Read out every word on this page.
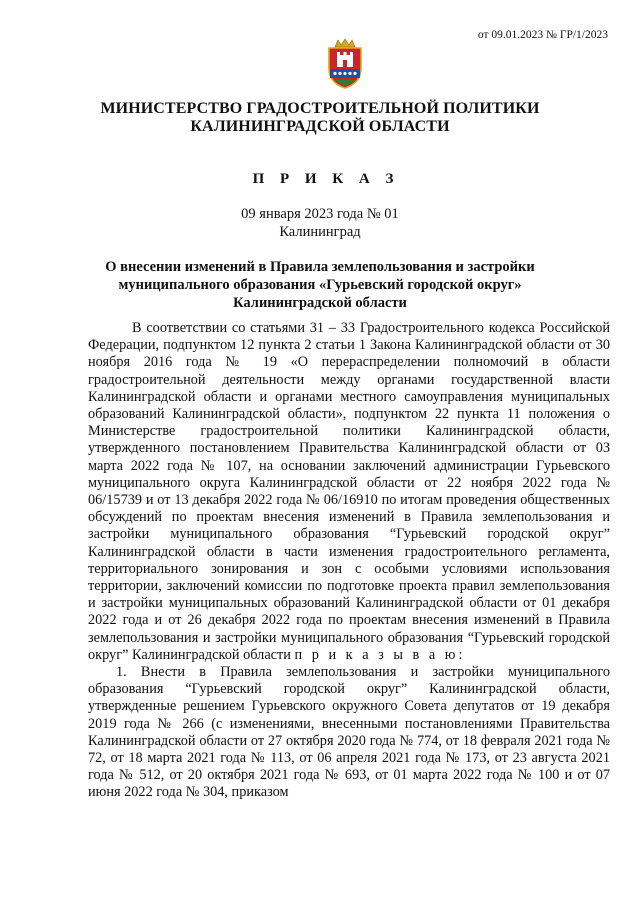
от 09.01.2023 № ГР/1/2023
МИНИСТЕРСТВО ГРАДОСТРОИТЕЛЬНОЙ ПОЛИТИКИ
КАЛИНИНГРАДСКОЙ ОБЛАСТИ
П Р И К А З
09 января 2023 года № 01
Калининград
О внесении изменений в Правила землепользования и застройки
муниципального образования «Гурьевский городской округ»
Калининградской области

В соответствии со статьями 31 – 33 Градостроительного кодекса Российской Федерации, подпунктом 12 пункта 2 статьи 1 Закона Калининградской области от 30 ноября 2016 года № 19 «О перераспределении полномочий в области градостроительной деятельности между органами государственной власти Калининградской области и органами местного самоуправления муниципальных образований Калининградской области», подпунктом 22 пункта 11 положения о Министерстве градостроительной политики Калининградской области, утвержденного постановлением Правительства Калининградской области от 03 марта 2022 года № 107, на основании заключений администрации Гурьевского муниципального округа Калининградской области от 22 ноября 2022 года № 06/15739 и от 13 декабря 2022 года № 06/16910 по итогам проведения общественных обсуждений по проектам внесения изменений в Правила землепользования и застройки муниципального образования “Гурьевский городской округ” Калининградской области в части изменения градостроительного регламента, территориального зонирования и зон с особыми условиями использования территории, заключений комиссии по подготовке проекта правил землепользования и застройки муниципальных образований Калининградской области от 01 декабря 2022 года и от 26 декабря 2022 года по проектам внесения изменений в Правила землепользования и застройки муниципального образования “Гурьевский городской округ” Калининградской области п р и к а з ы в а ю:

1. Внести в Правила землепользования и застройки муниципального образования “Гурьевский городской округ” Калининградской области, утвержденные решением Гурьевского окружного Совета депутатов от 19 декабря 2019 года № 266 (с изменениями, внесенными постановлениями Правительства Калининградской области от 27 октября 2020 года № 774, от 18 февраля 2021 года № 72, от 18 марта 2021 года № 113, от 06 апреля 2021 года № 173, от 23 августа 2021 года № 512, от 20 октября 2021 года № 693, от 01 марта 2022 года № 100 и от 07 июня 2022 года № 304, приказом
